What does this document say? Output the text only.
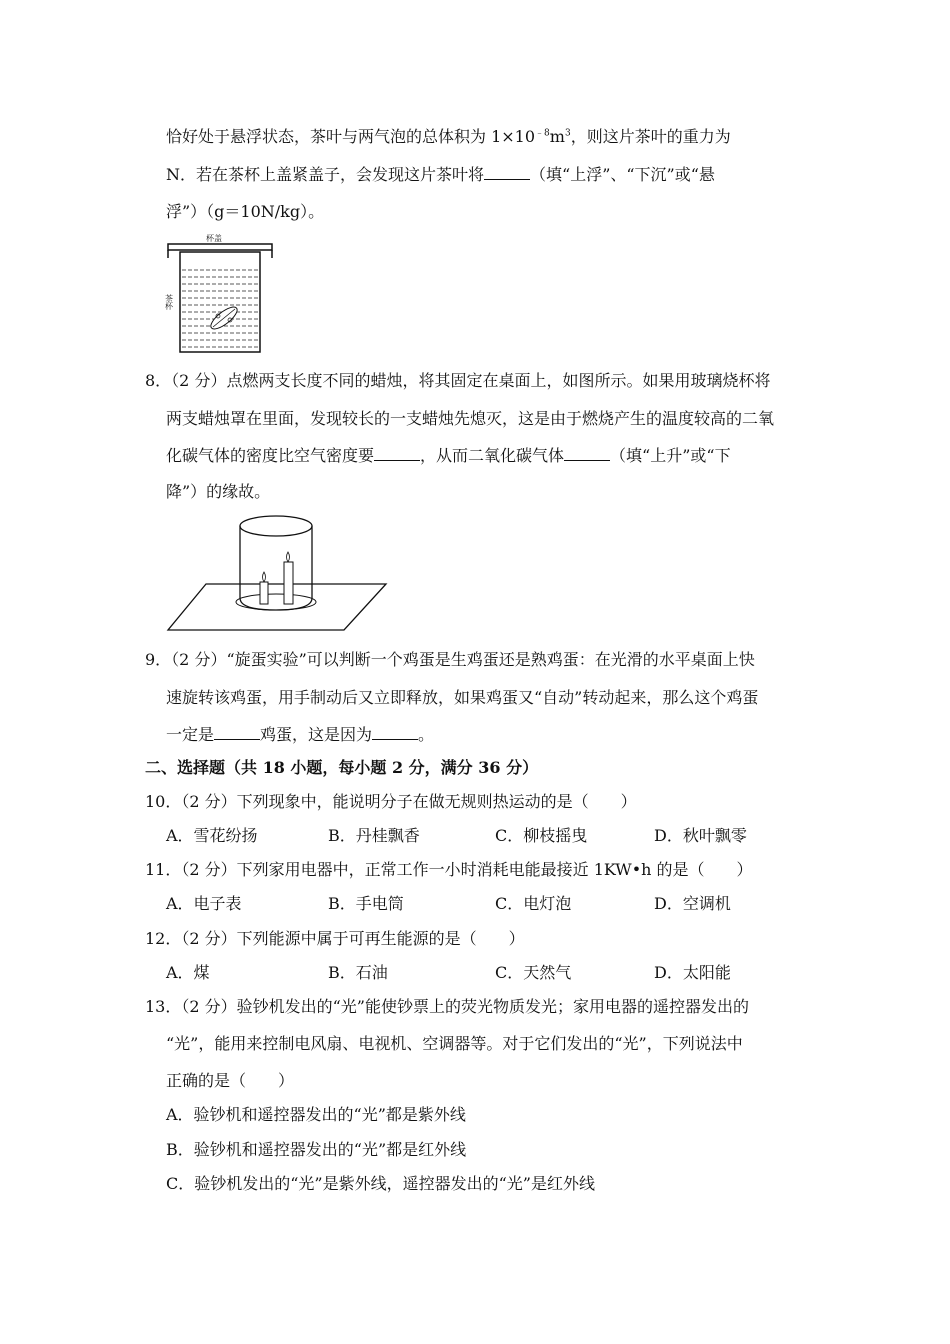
恰好处于悬浮状态，茶叶与两气泡的总体积为 $1\times 10^{﹣8}m^3$，则这片茶叶的重力为
N．若在茶杯上盖紧盖子，会发现这片茶叶将	（填“上浮”、“下沉”或“悬
浮”）（g＝10N/kg）。
杯盖
茶杯
8．（2 分）点燃两支长度不同的蜡烛，将其固定在桌面上，如图所示。如果用玻璃烧杯将
两支蜡烛罩在里面，发现较长的一支蜡烛先熄灭，这是由于燃烧产生的温度较高的二氧
化碳气体的密度比空气密度要	，从而二氧化碳气体	（填“上升”或“下
降”）的缘故。
9．（2 分）“旋蛋实验”可以判断一个鸡蛋是生鸡蛋还是熟鸡蛋：在光滑的水平桌面上快
速旋转该鸡蛋，用手制动后又立即释放，如果鸡蛋又“自动”转动起来，那么这个鸡蛋
一定是	鸡蛋，这是因为	。
二、选择题（共 18 小题，每小题 2 分，满分 36 分）
10．（2 分）下列现象中，能说明分子在做无规则热运动的是（　　）
A．雪花纷扬	B．丹桂飘香	C．柳枝摇曳	D．秋叶飘零
11．（2 分）下列家用电器中，正常工作一小时消耗电能最接近 1KW•h 的是（　　）
A．电子表	B．手电筒	C．电灯泡	D．空调机
12．（2 分）下列能源中属于可再生能源的是（　　）
A．煤	B．石油	C．天然气	D．太阳能
13．（2 分）验钞机发出的“光”能使钞票上的荧光物质发光；家用电器的遥控器发出的
“光”，能用来控制电风扇、电视机、空调器等。对于它们发出的“光”，下列说法中
正确的是（　　）
A．验钞机和遥控器发出的“光”都是紫外线
B．验钞机和遥控器发出的“光”都是红外线
C．验钞机发出的“光”是紫外线，遥控器发出的“光”是红外线
